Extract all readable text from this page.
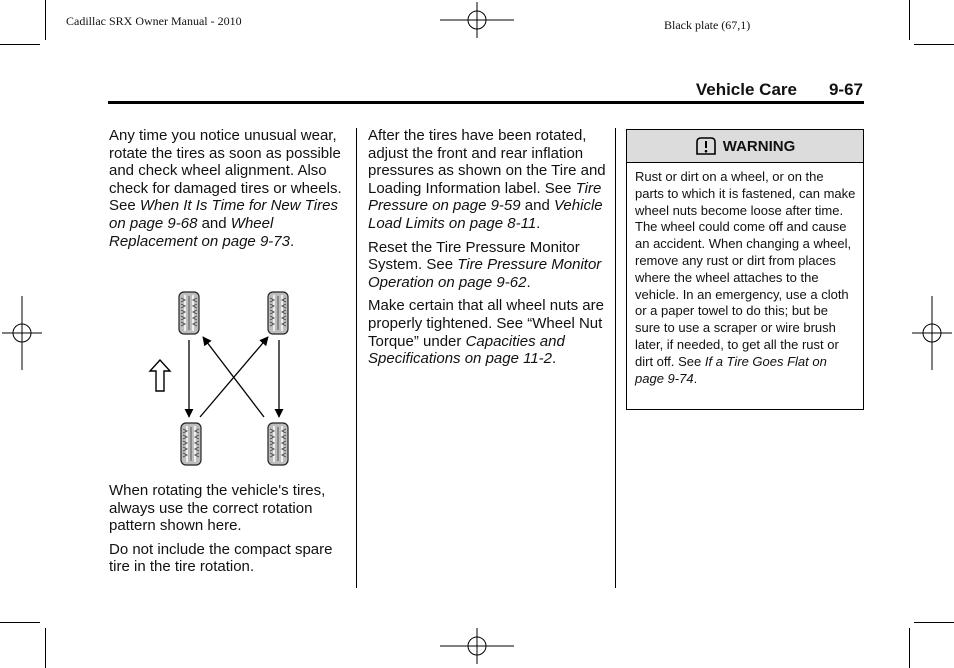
Cadillac SRX Owner Manual - 2010	Black plate (67,1)
Vehicle Care 9-67

Any time you notice unusual wear, rotate the tires as soon as possible and check wheel alignment. Also check for damaged tires or wheels. See When It Is Time for New Tires on page 9-68 and Wheel Replacement on page 9-73.

When rotating the vehicle's tires, always use the correct rotation pattern shown here.

Do not include the compact spare tire in the tire rotation.

After the tires have been rotated, adjust the front and rear inflation pressures as shown on the Tire and Loading Information label. See Tire Pressure on page 9-59 and Vehicle Load Limits on page 8-11.

Reset the Tire Pressure Monitor System. See Tire Pressure Monitor Operation on page 9-62.

Make certain that all wheel nuts are properly tightened. See “Wheel Nut Torque” under Capacities and Specifications on page 11-2.

WARNING
Rust or dirt on a wheel, or on the parts to which it is fastened, can make wheel nuts become loose after time. The wheel could come off and cause an accident. When changing a wheel, remove any rust or dirt from places where the wheel attaches to the vehicle. In an emergency, use a cloth or a paper towel to do this; but be sure to use a scraper or wire brush later, if needed, to get all the rust or dirt off. See If a Tire Goes Flat on page 9-74.
